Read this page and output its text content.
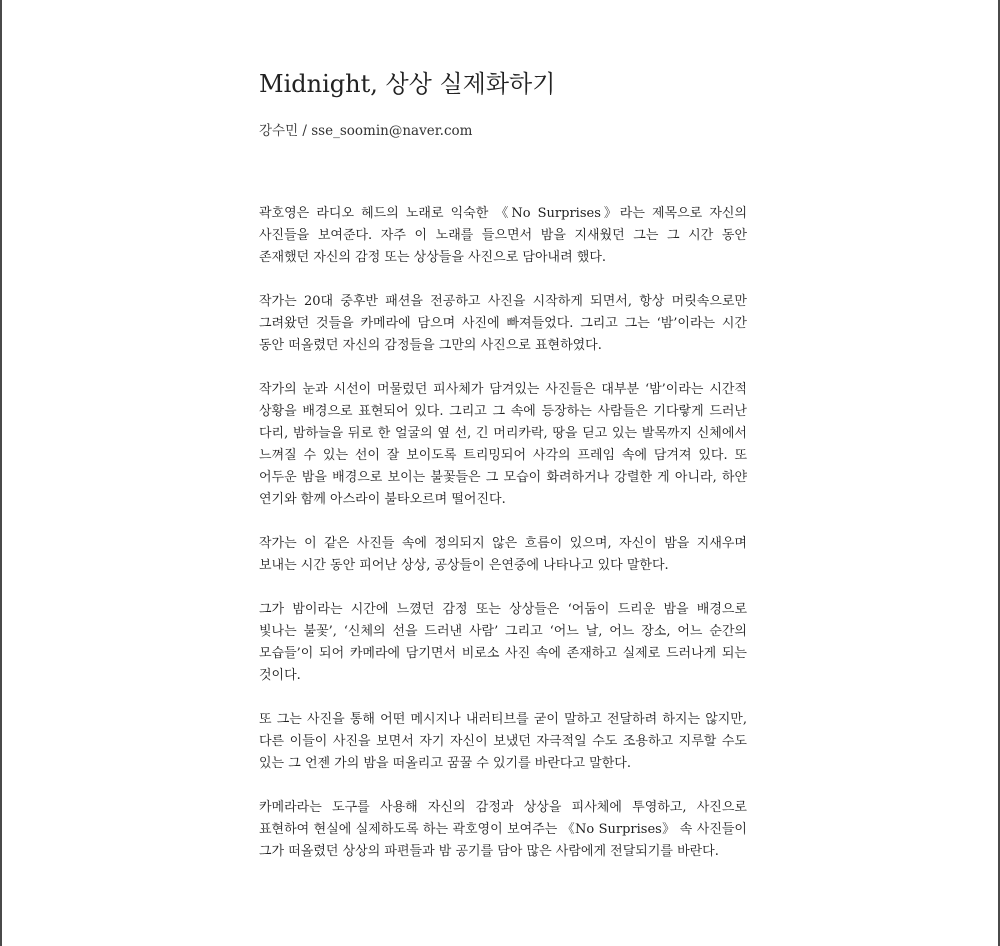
Midnight, 상상 실제화하기
강수민 / sse_soomin@naver.com

곽호영은 라디오 헤드의 노래로 익숙한 《No Surprises》라는 제목으로 자신의 사진들을 보여준다. 자주 이 노래를 들으면서 밤을 지새웠던 그는 그 시간 동안 존재했던 자신의 감정 또는 상상들을 사진으로 담아내려 했다.

작가는 20대 중후반 패션을 전공하고 사진을 시작하게 되면서, 항상 머릿속으로만 그려왔던 것들을 카메라에 담으며 사진에 빠져들었다. 그리고 그는 ‘밤’이라는 시간 동안 떠올렸던 자신의 감정들을 그만의 사진으로 표현하였다.

작가의 눈과 시선이 머물렀던 피사체가 담겨있는 사진들은 대부분 ‘밤’이라는 시간적 상황을 배경으로 표현되어 있다. 그리고 그 속에 등장하는 사람들은 기다랗게 드러난 다리, 밤하늘을 뒤로 한 얼굴의 옆 선, 긴 머리카락, 땅을 딛고 있는 발목까지 신체에서 느껴질 수 있는 선이 잘 보이도록 트리밍되어 사각의 프레임 속에 담겨져 있다. 또 어두운 밤을 배경으로 보이는 불꽃들은 그 모습이 화려하거나 강렬한 게 아니라, 하얀 연기와 함께 아스라이 불타오르며 떨어진다.

작가는 이 같은 사진들 속에 정의되지 않은 흐름이 있으며, 자신이 밤을 지새우며 보내는 시간 동안 피어난 상상, 공상들이 은연중에 나타나고 있다 말한다.

그가 밤이라는 시간에 느꼈던 감정 또는 상상들은 ‘어둠이 드리운 밤을 배경으로 빛나는 불꽃’, ‘신체의 선을 드러낸 사람’ 그리고 ‘어느 날, 어느 장소, 어느 순간의 모습들’이 되어 카메라에 담기면서 비로소 사진 속에 존재하고 실제로 드러나게 되는 것이다.

또 그는 사진을 통해 어떤 메시지나 내러티브를 굳이 말하고 전달하려 하지는 않지만, 다른 이들이 사진을 보면서 자기 자신이 보냈던 자극적일 수도 조용하고 지루할 수도 있는 그 언젠 가의 밤을 떠올리고 꿈꿀 수 있기를 바란다고 말한다.

카메라라는 도구를 사용해 자신의 감정과 상상을 피사체에 투영하고, 사진으로 표현하여 현실에 실제하도록 하는 곽호영이 보여주는 《No Surprises》 속 사진들이 그가 떠올렸던 상상의 파편들과 밤 공기를 담아 많은 사람에게 전달되기를 바란다.
